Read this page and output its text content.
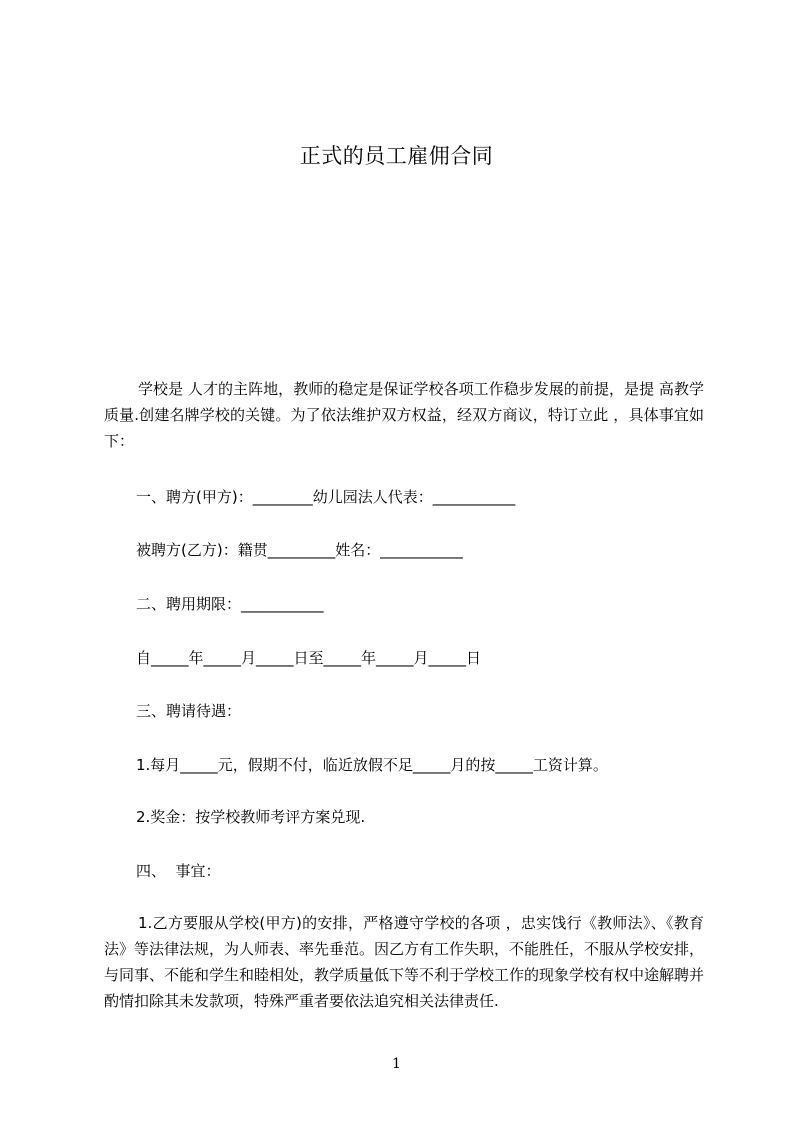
正式的员工雇佣合同
学校是 人才的主阵地，教师的稳定是保证学校各项工作稳步发展的前提，是提 高教学质量.创建名牌学校的关键。为了依法维护双方权益，经双方商议，特订立此 ，具体事宜如下：
一、聘方(甲方)：________幼儿园法人代表：___________
被聘方(乙方)：籍贯_________姓名：___________
二、聘用期限：___________
自_____年_____月_____日至_____年_____月_____日
三、聘请待遇：
1.每月_____元，假期不付，临近放假不足_____月的按_____工资计算。
2.奖金：按学校教师考评方案兑现.
四、  事宜：
1.乙方要服从学校(甲方)的安排，严格遵守学校的各项 ，忠实饯行《教师法》、《教育法》等法律法规，为人师表、率先垂范。因乙方有工作失职，不能胜任，不服从学校安排，与同事、不能和学生和睦相处，教学质量低下等不利于学校工作的现象学校有权中途解聘并酌情扣除其未发款项，特殊严重者要依法追究相关法律责任.
1
